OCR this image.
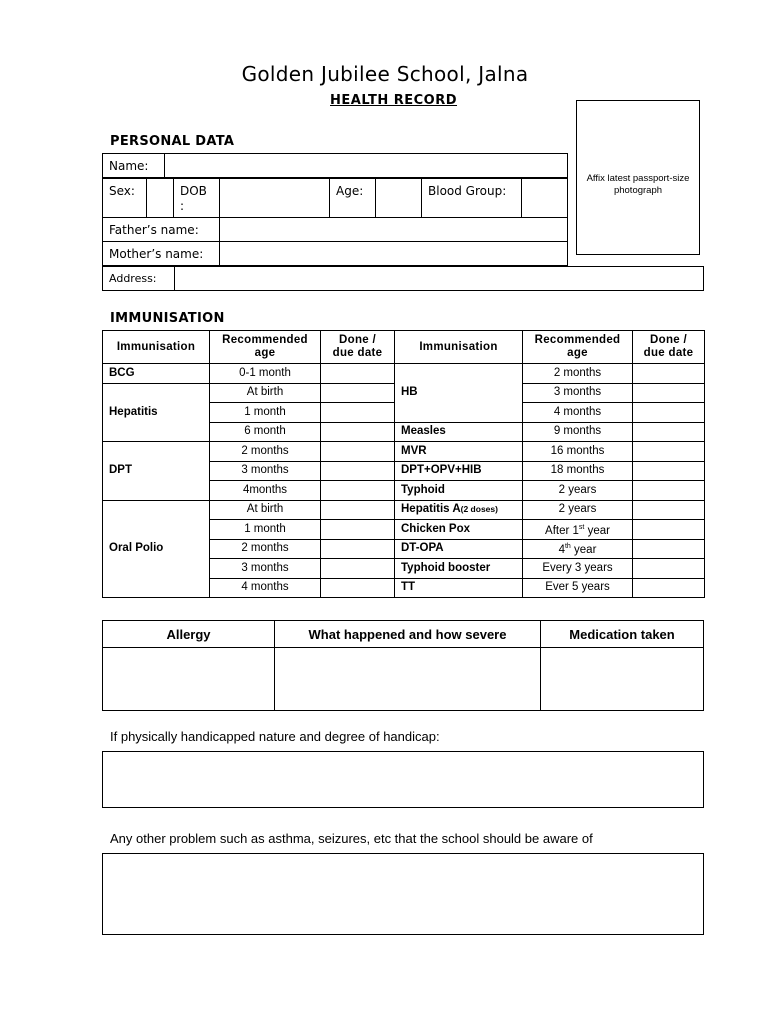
Golden Jubilee School, Jalna
HEALTH RECORD
Affix latest passport-size photograph
PERSONAL DATA
Name:	
Sex:		DOB :		Age:		Blood Group:	
Father’s name:	
Mother’s name:	
Address:	
IMMUNISATION
Immunisation	Recommended age	Done / due date	Immunisation	Recommended age	Done / due date
BCG	0-1 month		HB	2 months	
Hepatitis	At birth			3 months	
	1 month			4 months	
	6 month		Measles	9 months	
DPT	2 months		MVR	16 months	
	3 months		DPT+OPV+HIB	18 months	
	4months		Typhoid	2 years	
Oral Polio	At birth		Hepatitis A(2 doses)	2 years	
	1 month		Chicken Pox	After 1st year	
	2 months		DT-OPA	4th year	
	3 months		Typhoid booster	Every 3 years	
	4 months		TT	Ever 5 years	
Allergy	What happened and how severe	Medication taken

If physically handicapped nature and degree of handicap:
Any other problem such as asthma, seizures, etc that the school should be aware of
